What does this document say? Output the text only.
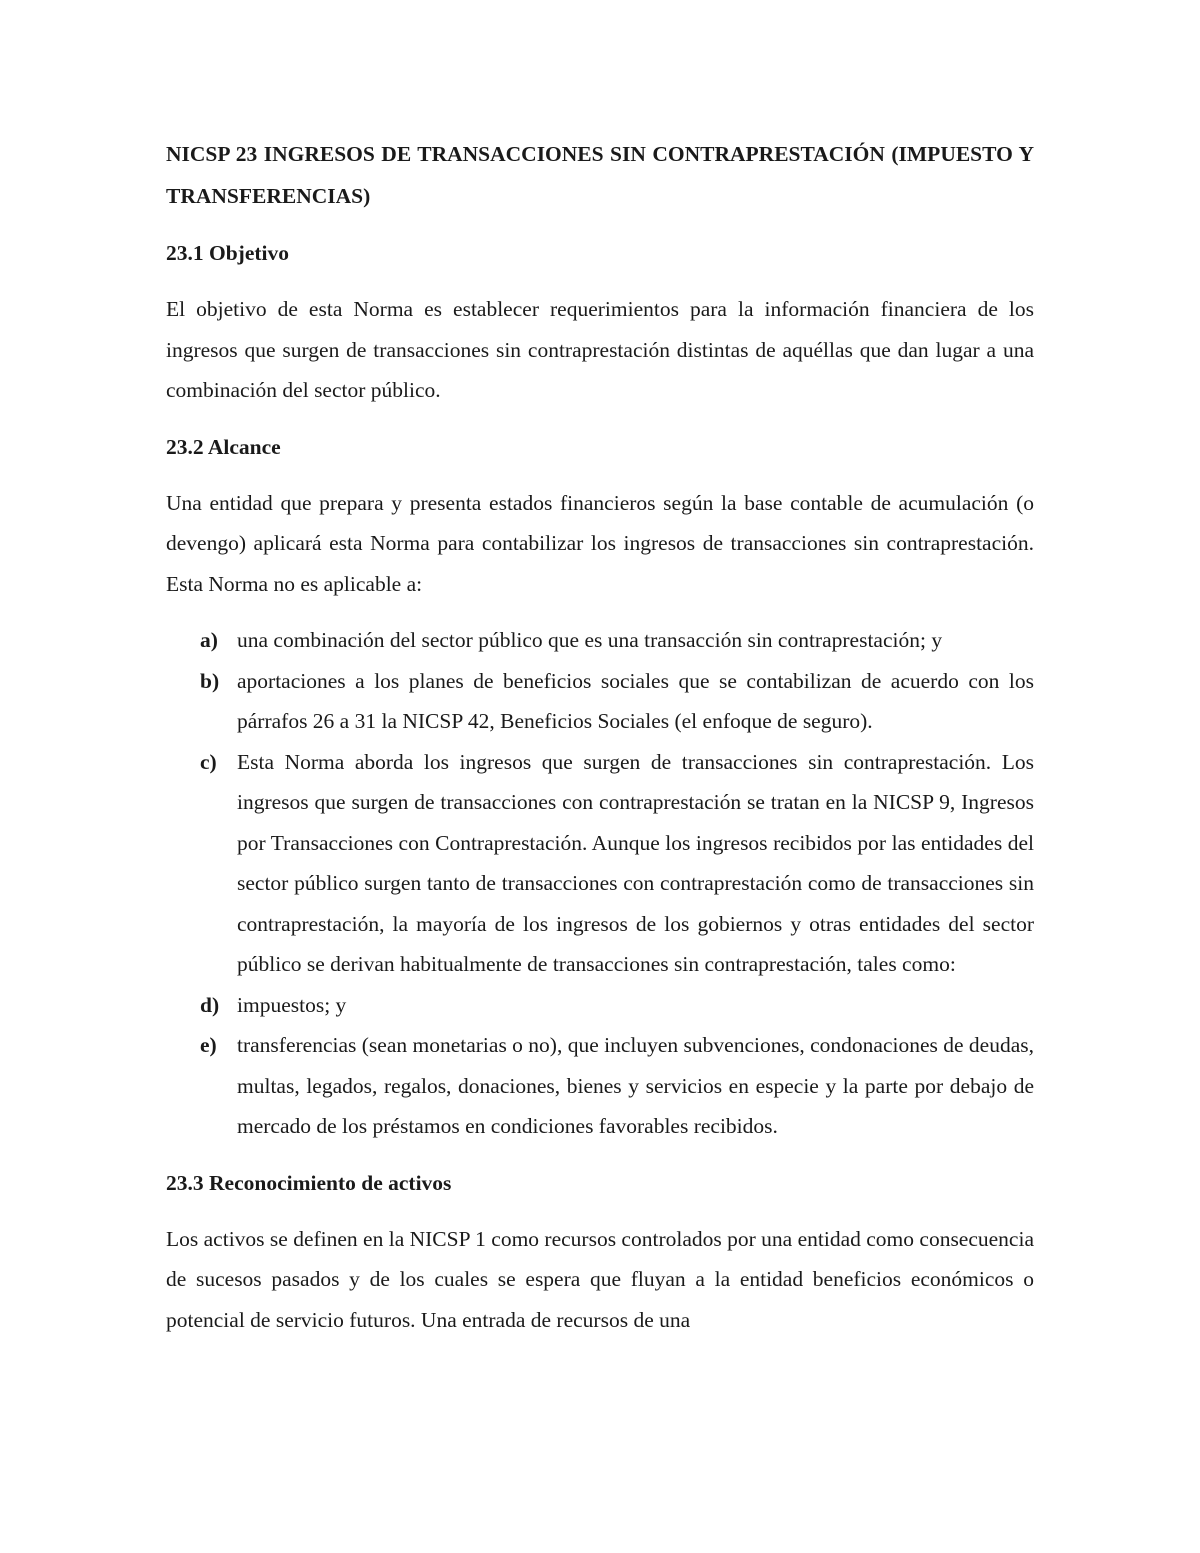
NICSP 23 INGRESOS DE TRANSACCIONES SIN CONTRAPRESTACIÓN (IMPUESTO Y TRANSFERENCIAS)
23.1 Objetivo

El objetivo de esta Norma es establecer requerimientos para la información financiera de los ingresos que surgen de transacciones sin contraprestación distintas de aquéllas que dan lugar a una combinación del sector público.

23.2 Alcance

Una entidad que prepara y presenta estados financieros según la base contable de acumulación (o devengo) aplicará esta Norma para contabilizar los ingresos de transacciones sin contraprestación. Esta Norma no es aplicable a:

a) una combinación del sector público que es una transacción sin contraprestación; y
b) aportaciones a los planes de beneficios sociales que se contabilizan de acuerdo con los párrafos 26 a 31 la NICSP 42, Beneficios Sociales (el enfoque de seguro).
c) Esta Norma aborda los ingresos que surgen de transacciones sin contraprestación. Los ingresos que surgen de transacciones con contraprestación se tratan en la NICSP 9, Ingresos por Transacciones con Contraprestación. Aunque los ingresos recibidos por las entidades del sector público surgen tanto de transacciones con contraprestación como de transacciones sin contraprestación, la mayoría de los ingresos de los gobiernos y otras entidades del sector público se derivan habitualmente de transacciones sin contraprestación, tales como:
d) impuestos; y
e) transferencias (sean monetarias o no), que incluyen subvenciones, condonaciones de deudas, multas, legados, regalos, donaciones, bienes y servicios en especie y la parte por debajo de mercado de los préstamos en condiciones favorables recibidos.
23.3 Reconocimiento de activos

Los activos se definen en la NICSP 1 como recursos controlados por una entidad como consecuencia de sucesos pasados y de los cuales se espera que fluyan a la entidad beneficios económicos o potencial de servicio futuros. Una entrada de recursos de una
